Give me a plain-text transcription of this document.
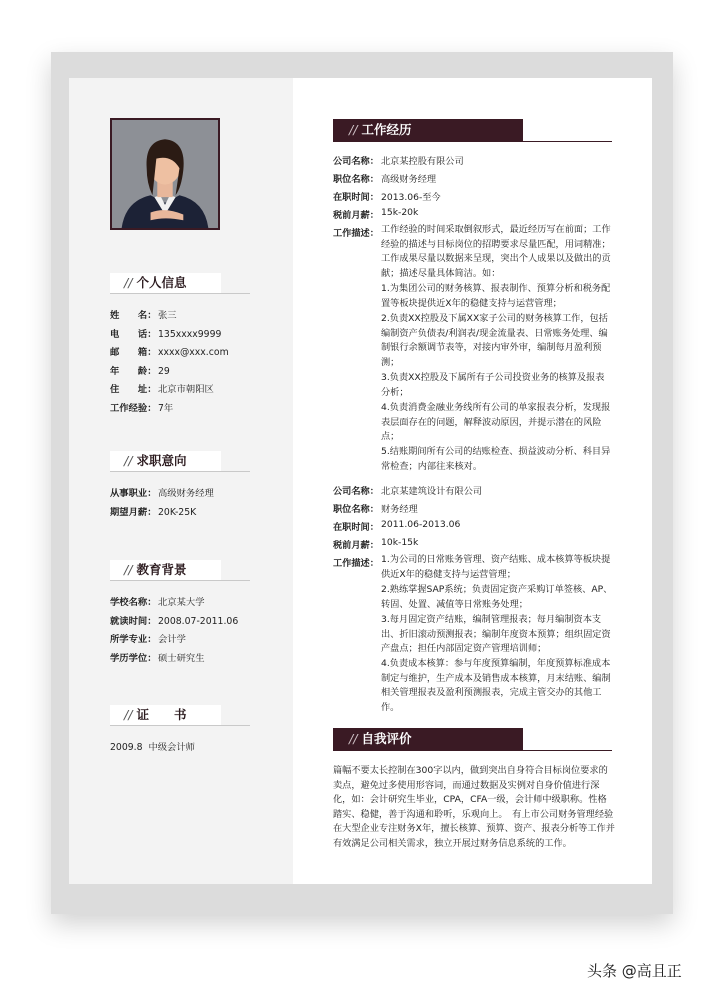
// 个人信息
姓　　名： 张三
电　　话： 135xxxx9999
邮　　箱： xxxx@xxx.com
年　　龄： 29
住　　址： 北京市朝阳区
工作经验： 7年
// 求职意向
从事职业： 高级财务经理
期望月薪： 20K-25K
// 教育背景
学校名称： 北京某大学
就读时间： 2008.07-2011.06
所学专业： 会计学
学历学位： 硕士研究生
// 证　　书
2009.8  中级会计师
// 工作经历
公司名称： 北京某控股有限公司
职位名称： 高级财务经理
在职时间： 2013.06-至今
税前月薪： 15k-20k
工作描述： 工作经验的时间采取倒叙形式，最近经历写在前面；工作经验的描述与目标岗位的招聘要求尽量匹配，用词精准；工作成果尽量以数据来呈现，突出个人成果以及做出的贡献；描述尽量具体简洁。如：
1.为集团公司的财务核算、报表制作、预算分析和税务配置等板块提供近X年的稳健支持与运营管理；
2.负责XX控股及下属XX家子公司的财务核算工作，包括编制资产负债表/利润表/现金流量表、日常账务处理、编制银行余额调节表等，对接内审外审，编制每月盈利预测；
3.负责XX控股及下属所有子公司投资业务的核算及报表分析；
4.负责消费金融业务线所有公司的单家报表分析，发现报表层面存在的问题，解释波动原因，并提示潜在的风险点；
5.结账期间所有公司的结账检查、损益波动分析、科目异常检查；内部往来核对。
公司名称： 北京某建筑设计有限公司
职位名称： 财务经理
在职时间： 2011.06-2013.06
税前月薪： 10k-15k
工作描述： 1.为公司的日常账务管理、资产结账、成本核算等板块提供近X年的稳健支持与运营管理；
2.熟练掌握SAP系统；负责固定资产采购订单签核、AP、转固、处置、减值等日常账务处理；
3.每月固定资产结账，编制管理报表；每月编制资本支出、折旧滚动预测报表；编制年度资本预算；组织固定资产盘点；担任内部固定资产管理培训师；
4.负责成本核算：参与年度预算编制，年度预算标准成本制定与维护，生产成本及销售成本核算，月末结账、编制相关管理报表及盈利预测报表，完成主管交办的其他工作。
// 自我评价
篇幅不要太长控制在300字以内，做到突出自身符合目标岗位要求的卖点，避免过多使用形容词，而通过数据及实例对自身价值进行深化，如：会计研究生毕业，CPA，CFA一级，会计师中级职称。性格踏实、稳健，善于沟通和聆听，乐观向上。　有上市公司财务管理经验 在大型企业专注财务X年，擅长核算、预算、资产、报表分析等工作并有效满足公司相关需求，独立开展过财务信息系统的工作。
头条 @高且正
